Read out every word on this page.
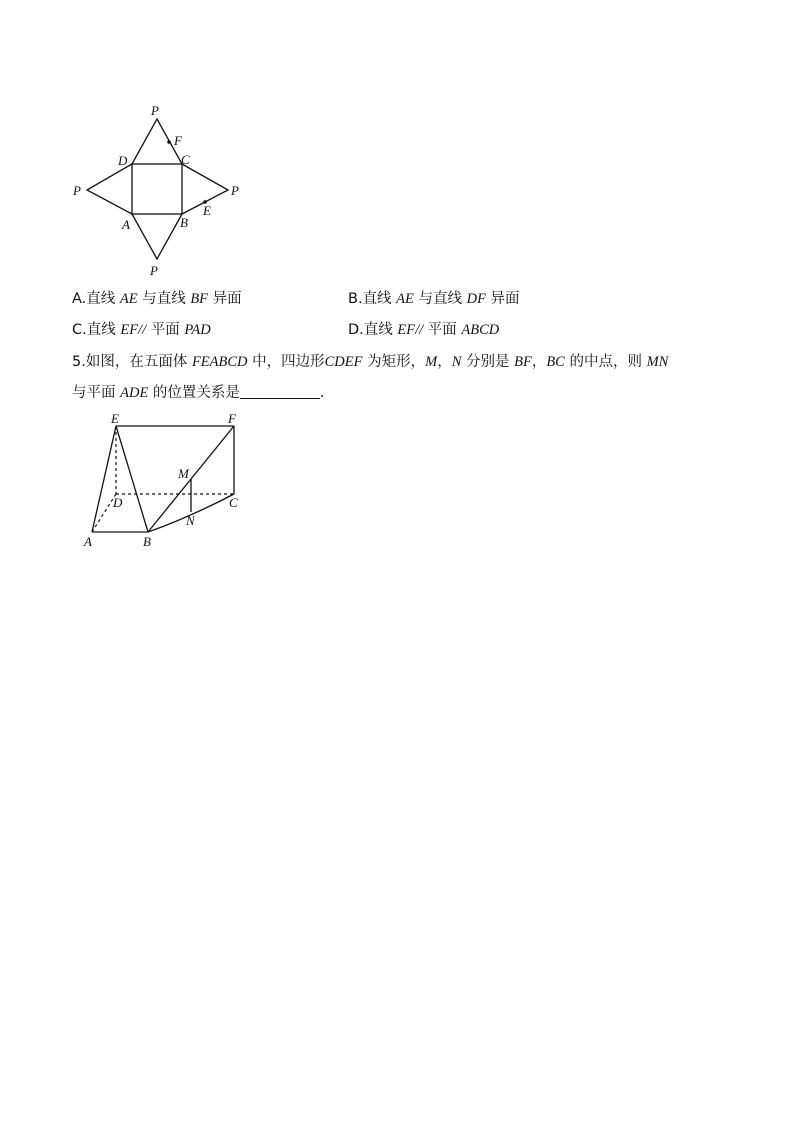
P
P	P
P
D	C
A	B
F
E
A.直线 AE 与直线 BF 异面	B.直线 AE 与直线 DF 异面
C.直线 EF// 平面 PAD	D.直线 EF// 平面 ABCD
5.如图，在五面体 FEABCD 中，四边形CDEF 为矩形，M，N 分别是 BF，BC 的中点，则 MN
与平面 ADE 的位置关系是	.
E	F
M
D	C
N
A	B
